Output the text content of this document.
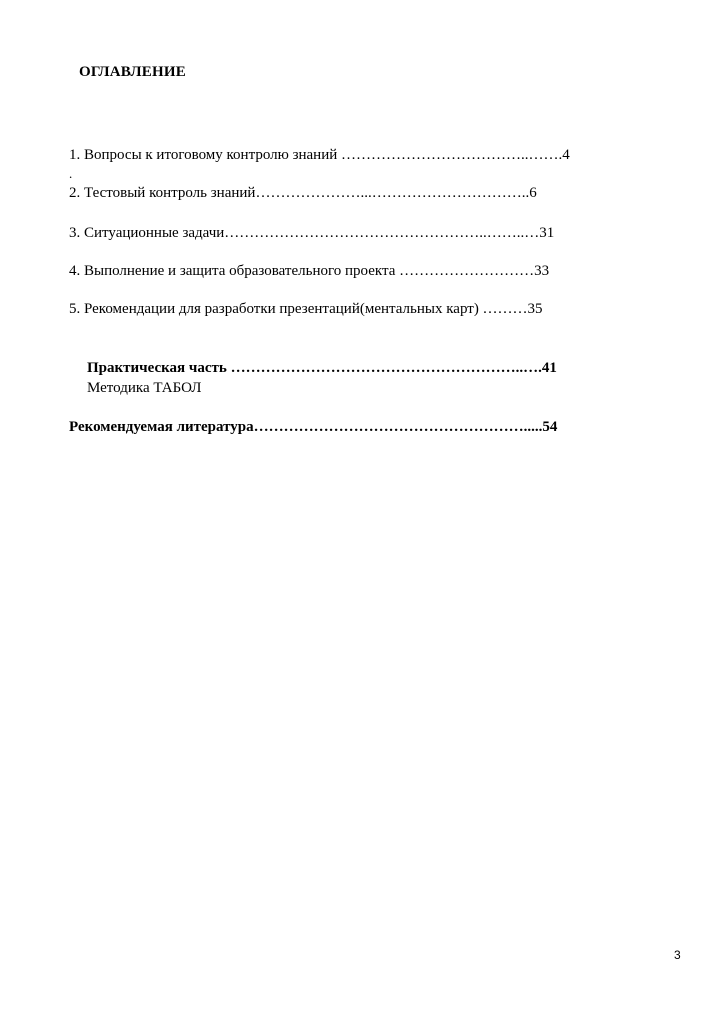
ОГЛАВЛЕНИЕ
1. Вопросы к итоговому контролю знаний ………………………………..…….4
.
2. Тестовый контроль знаний…………………...…………………………..6
3. Ситуационные задачи……………………………………………..……..…31
4. Выполнение и защита образовательного проекта ………………………33
5. Рекомендации для разработки презентаций(ментальных карт) ………35
Практическая часть …………………………………………………..….41
Методика ТАБОЛ
Рекомендуемая литература……………………………………………….....54
3
